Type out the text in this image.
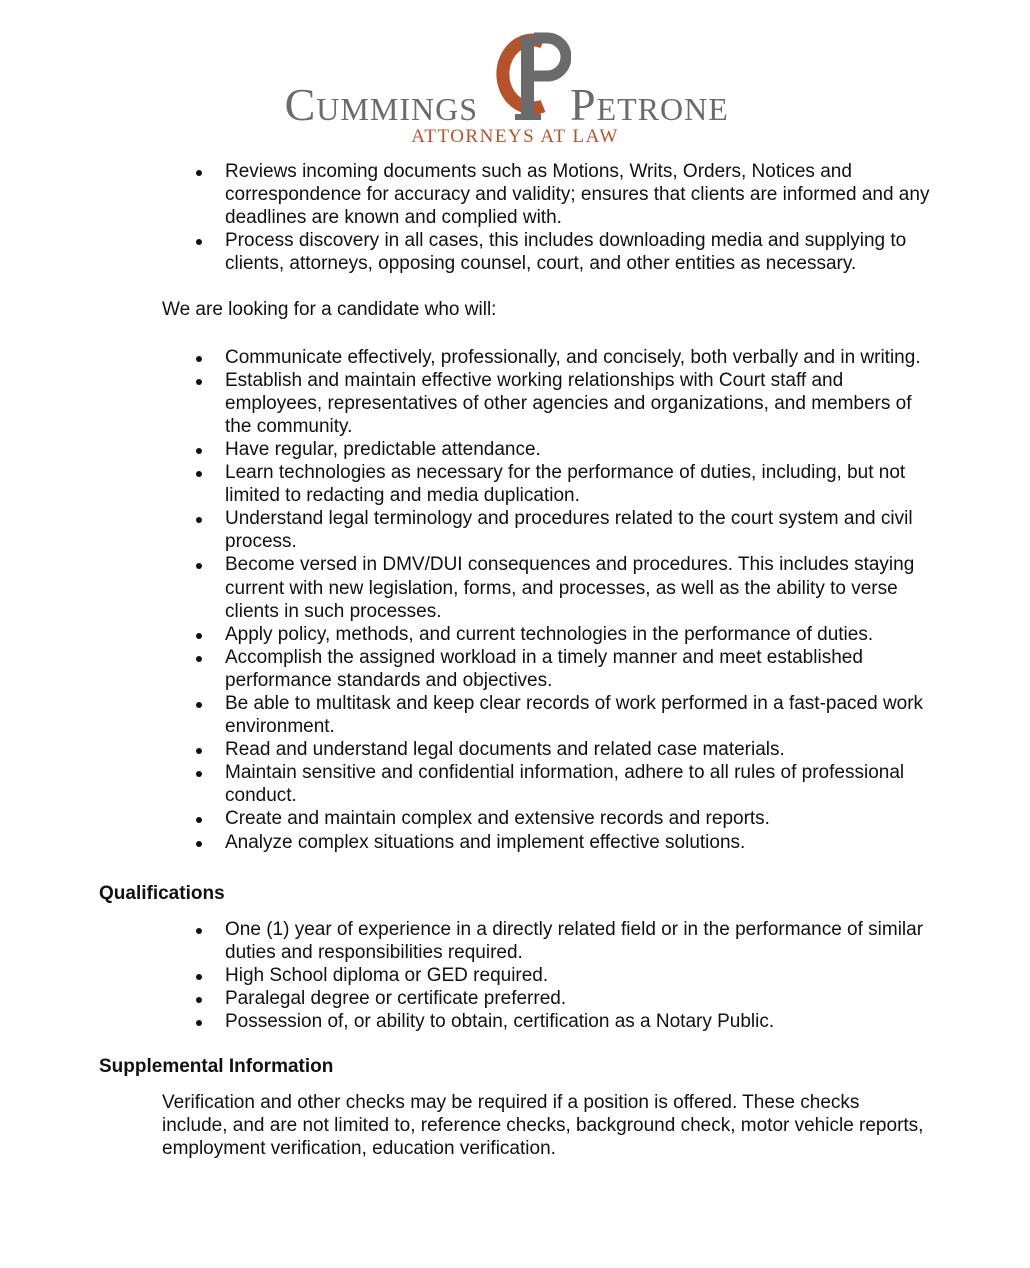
Cummings Petrone
ATTORNEYS AT LAW
Reviews incoming documents such as Motions, Writs, Orders, Notices and correspondence for accuracy and validity; ensures that clients are informed and any deadlines are known and complied with.
Process discovery in all cases, this includes downloading media and supplying to clients, attorneys, opposing counsel, court, and other entities as necessary.
We are looking for a candidate who will:
Communicate effectively, professionally, and concisely, both verbally and in writing.
Establish and maintain effective working relationships with Court staff and employees, representatives of other agencies and organizations, and members of the community.
Have regular, predictable attendance.
Learn technologies as necessary for the performance of duties, including, but not limited to redacting and media duplication.
Understand legal terminology and procedures related to the court system and civil process.
Become versed in DMV/DUI consequences and procedures. This includes staying current with new legislation, forms, and processes, as well as the ability to verse clients in such processes.
Apply policy, methods, and current technologies in the performance of duties.
Accomplish the assigned workload in a timely manner and meet established performance standards and objectives.
Be able to multitask and keep clear records of work performed in a fast-paced work environment.
Read and understand legal documents and related case materials.
Maintain sensitive and confidential information, adhere to all rules of professional conduct.
Create and maintain complex and extensive records and reports.
Analyze complex situations and implement effective solutions.
Qualifications
One (1) year of experience in a directly related field or in the performance of similar duties and responsibilities required.
High School diploma or GED required.
Paralegal degree or certificate preferred.
Possession of, or ability to obtain, certification as a Notary Public.
Supplemental Information
Verification and other checks may be required if a position is offered. These checks include, and are not limited to, reference checks, background check, motor vehicle reports, employment verification, education verification.
